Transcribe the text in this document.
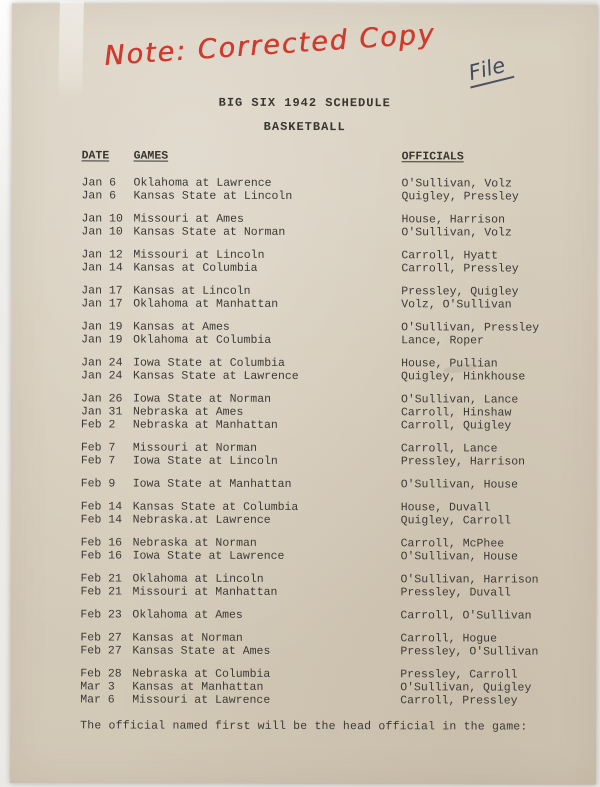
Note: Corrected Copy File
BIG SIX 1942 SCHEDULE
BASKETBALL
DATE	GAMES	OFFICIALS
Jan 6	Oklahoma at Lawrence	O'Sullivan, Volz
Jan 6	Kansas State at Lincoln	Quigley, Pressley
Jan 10 Missouri at Ames	House, Harrison
Jan 10 Kansas State at Norman	O'Sullivan, Volz
Jan 12 Missouri at Lincoln	Carroll, Hyatt
Jan 14 Kansas at Columbia	Carroll, Pressley
Jan 17 Kansas at Lincoln	Pressley, Quigley
Jan 17 Oklahoma at Manhattan	Volz, O'Sullivan
Jan 19 Kansas at Ames	O'Sullivan, Pressley
Jan 19 Oklahoma at Columbia	Lance, Roper
Jan 24 Iowa State at Columbia	House, Pullian
Jan 24 Kansas State at Lawrence	Quigley, Hinkhouse
Jan 26 Iowa State at Norman	O'Sullivan, Lance
Jan 31 Nebraska at Ames	Carroll, Hinshaw
Feb 2	Nebraska at Manhattan	Carroll, Quigley
Feb 7	Missouri at Norman	Carroll, Lance
Feb 7	Iowa State at Lincoln	Pressley, Harrison
Feb 9	Iowa State at Manhattan	O'Sullivan, House
Feb 14 Kansas State at Columbia	House, Duvall
Feb 14 Nebraska.at Lawrence	Quigley, Carroll
Feb 16 Nebraska at Norman	Carroll, McPhee
Feb 16 Iowa State at Lawrence	O'Sullivan, House
Feb 21 Oklahoma at Lincoln	O'Sullivan, Harrison
Feb 21 Missouri at Manhattan	Pressley, Duvall
Feb 23 Oklahoma at Ames	Carroll, O'Sullivan
Feb 27 Kansas at Norman	Carroll, Hogue
Feb 27 Kansas State at Ames	Pressley, O'Sullivan
Feb 28 Nebraska at Columbia	Pressley, Carroll
Mar 3	Kansas at Manhattan	O'Sullivan, Quigley
Mar 6	Missouri at Lawrence	Carroll, Pressley
The official named first will be the head official in the game:
